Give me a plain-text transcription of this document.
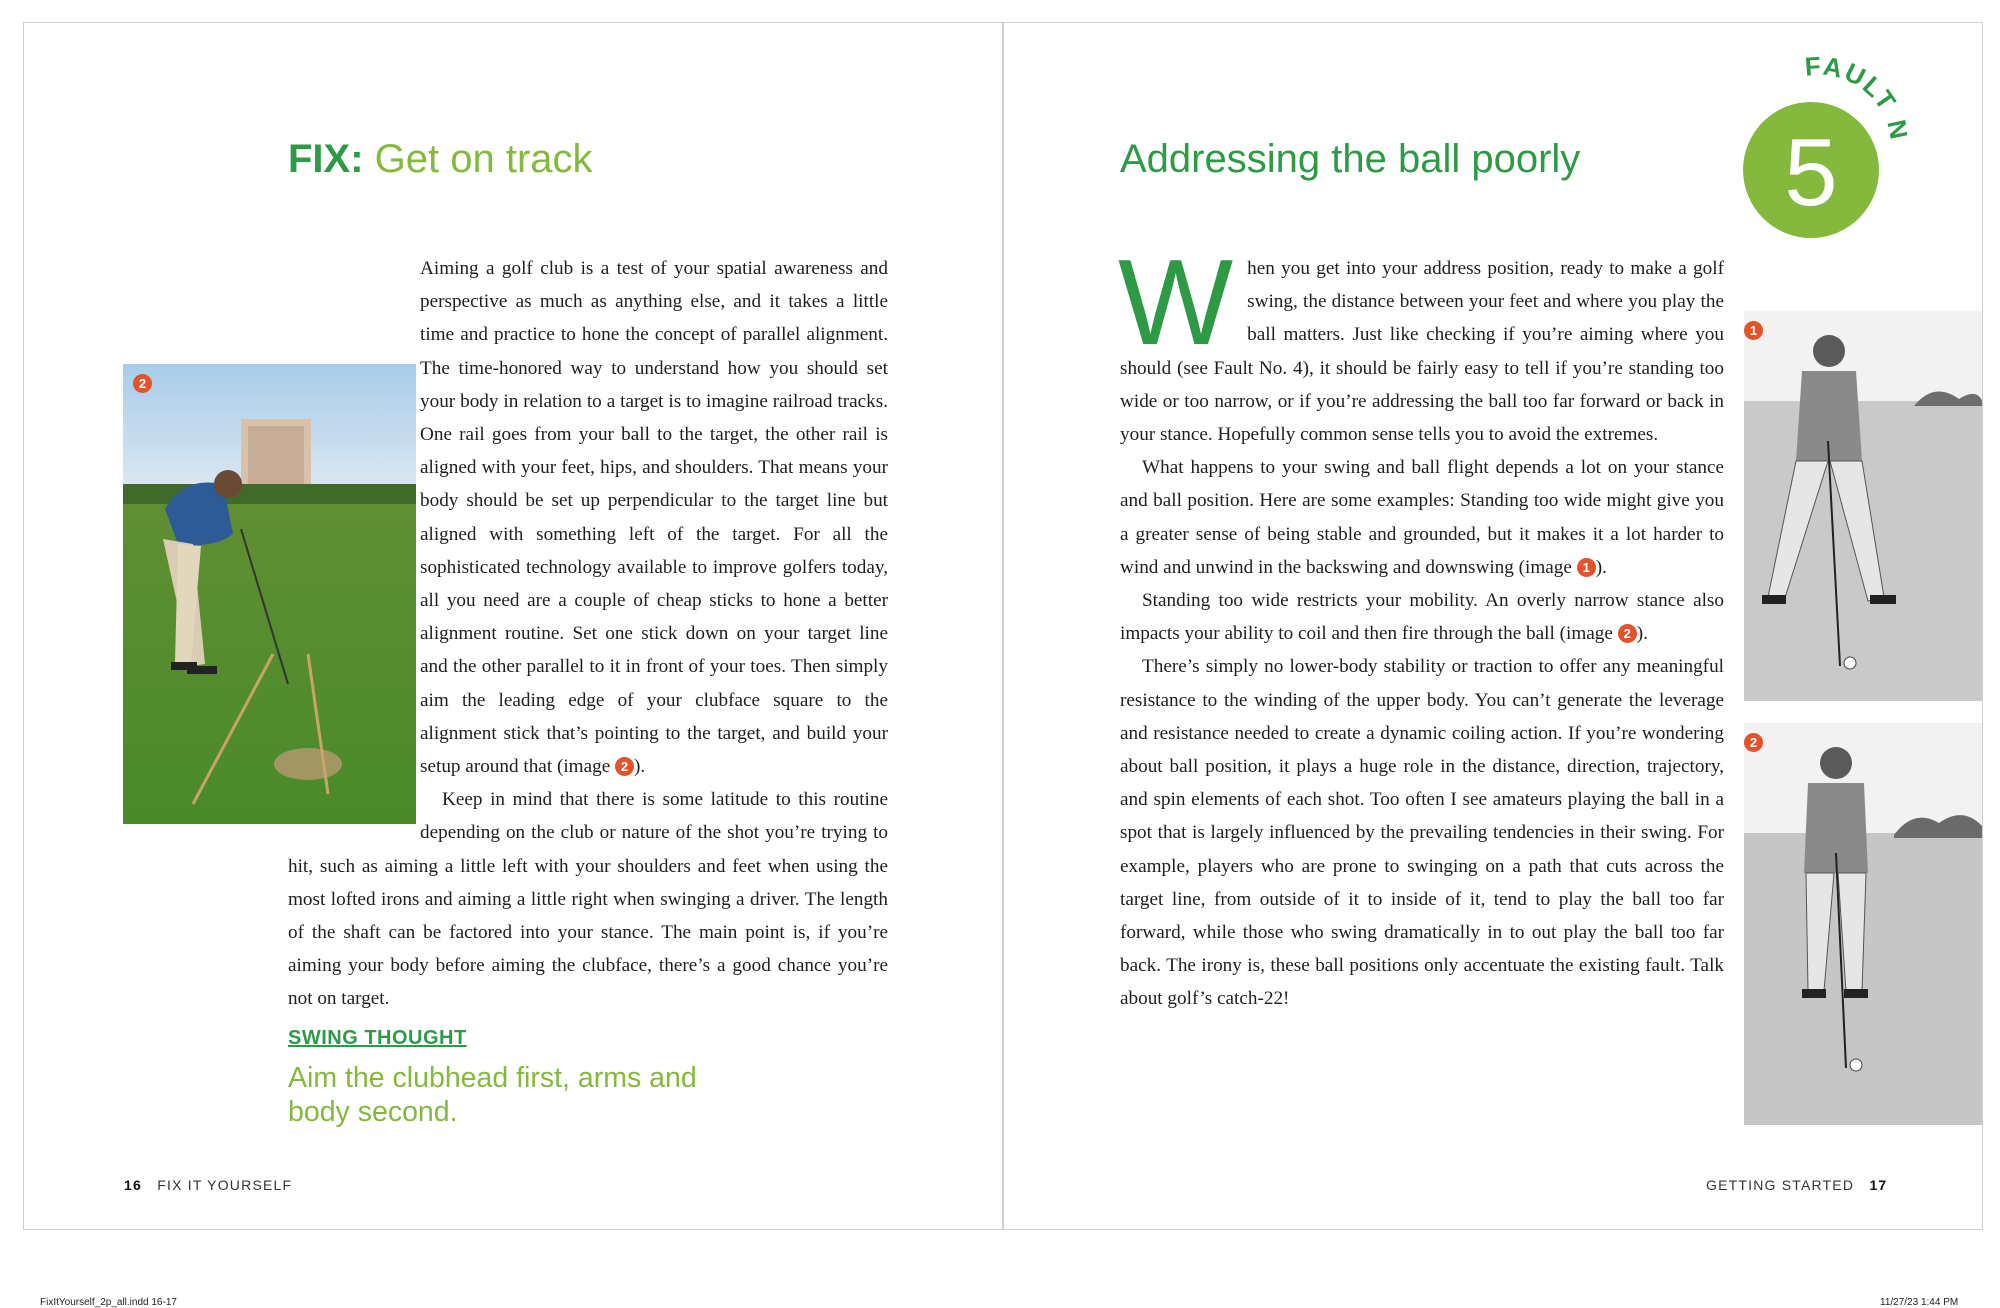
FIX: Get on track
2

Aiming a golf club is a test of your spatial awareness and perspective as much as anything else, and it takes a little time and practice to hone the concept of parallel alignment. The time-honored way to understand how you should set your body in relation to a target is to imagine railroad tracks. One rail goes from your ball to the target, the other rail is aligned with your feet, hips, and shoulders. That means your body should be set up perpendicular to the target line but aligned with something left of the target. For all the sophisticated technology available to improve golfers today, all you need are a couple of cheap sticks to hone a better alignment routine. Set one stick down on your target line and the other parallel to it in front of your toes. Then simply aim the leading edge of your clubface square to the alignment stick that’s pointing to the target, and build your setup around that (image 2 ).

Keep in mind that there is some latitude to this routine depending on the club or nature of the shot you’re trying to hit, such as aiming a little left with your shoulders and feet when using the most lofted irons and aiming a little right when swinging a driver. The length of the shaft can be factored into your stance. The main point is, if you’re aiming your body before aiming the clubface, there’s a good chance you’re not on target.

SWING THOUGHT

Aim the clubhead first, arms and body second.

16 FIX IT YOURSELF
Addressing the ball poorly

When you get into your address position, ready to make a golf swing, the distance between your feet and where you play the ball matters. Just like checking if you’re aiming where you should (see Fault No. 4), it should be fairly easy to tell if you’re standing too wide or too narrow, or if you’re addressing the ball too far forward or back in your stance. Hopefully common sense tells you to avoid the extremes.

What happens to your swing and ball flight depends a lot on your stance and ball position. Here are some examples: Standing too wide might give you a greater sense of being stable and grounded, but it makes it a lot harder to wind and unwind in the backswing and downswing (image 1 ).

Standing too wide restricts your mobility. An overly narrow stance also impacts your ability to coil and then fire through the ball (image 2 ).

There’s simply no lower-body stability or traction to offer any meaningful resistance to the winding of the upper body. You can’t generate the leverage and resistance needed to create a dynamic coiling action. If you’re wondering about ball position, it plays a huge role in the distance, direction, trajectory, and spin elements of each shot. Too often I see amateurs playing the ball in a spot that is largely influenced by the prevailing tendencies in their swing. For example, players who are prone to swinging on a path that cuts across the target line, from outside of it to inside of it, tend to play the ball too far forward, while those who swing dramatically in to out play the ball too far back. The irony is, these ball positions only accentuate the existing fault. Talk about golf’s catch-22!

1
2
GETTING STARTED 17
FAULT
5
FixItYourself_2p_all.indd 16-17	11/27/23 1:44 PM
